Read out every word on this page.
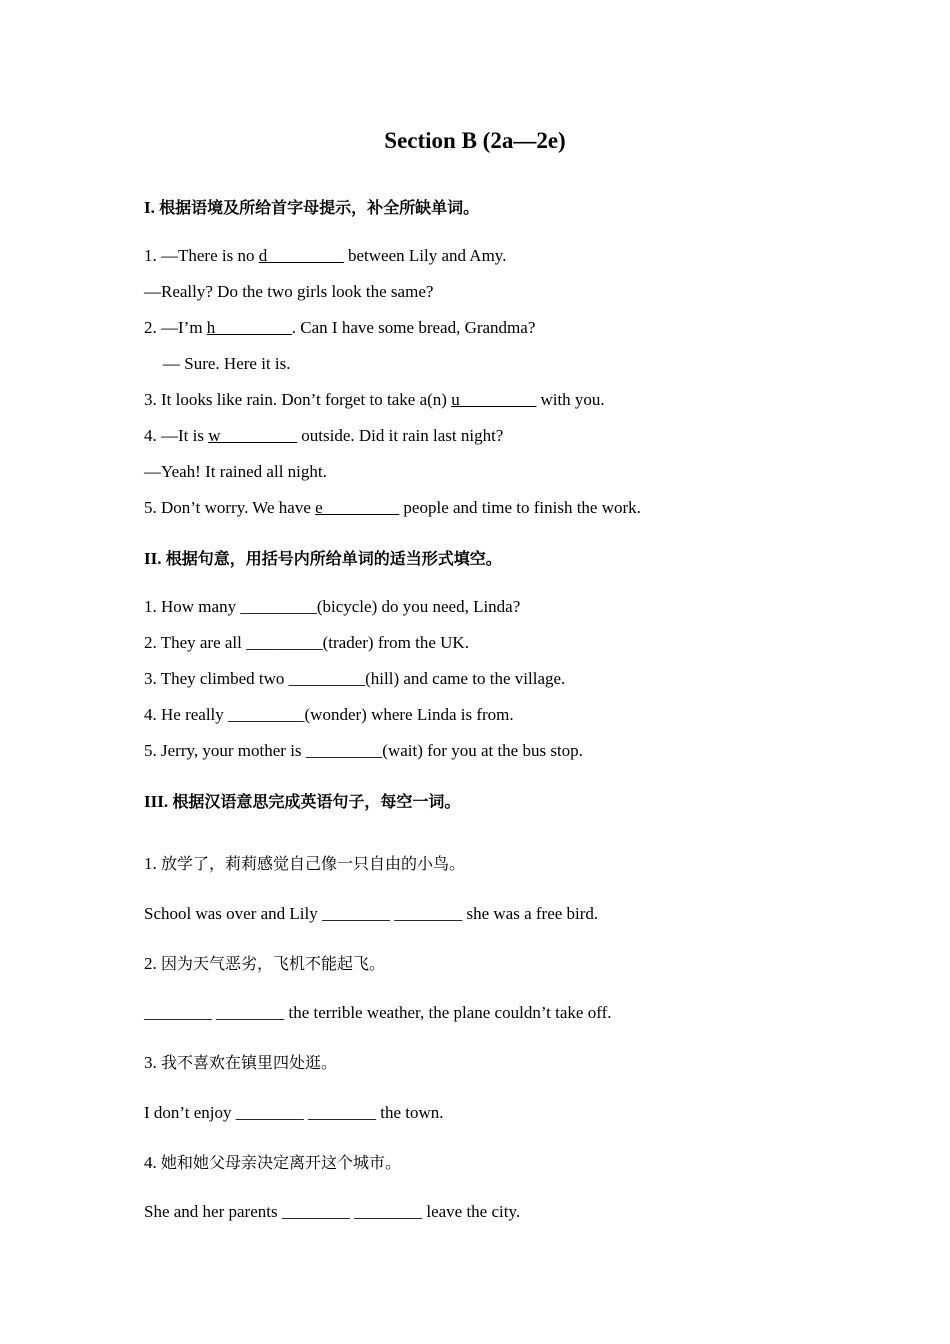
Section B (2a—2e)
I. 根据语境及所给首字母提示，补全所缺单词。
1. —There is no d_________ between Lily and Amy.
—Really? Do the two girls look the same?
2. —I’m h_________. Can I have some bread, Grandma?
— Sure. Here it is.
3. It looks like rain. Don’t forget to take a(n) u_________ with you.
4. —It is w_________ outside. Did it rain last night?
—Yeah! It rained all night.
5. Don’t worry. We have e_________ people and time to finish the work.
II. 根据句意，用括号内所给单词的适当形式填空。
1. How many _________(bicycle) do you need, Linda?
2. They are all _________(trader) from the UK.
3. They climbed two _________(hill) and came to the village.
4. He really _________(wonder) where Linda is from.
5. Jerry, your mother is _________(wait) for you at the bus stop.
III. 根据汉语意思完成英语句子，每空一词。
1. 放学了，莉莉感觉自己像一只自由的小鸟。
School was over and Lily ________ ________ she was a free bird.
2. 因为天气恶劣，飞机不能起飞。
________ ________ the terrible weather, the plane couldn’t take off.
3. 我不喜欢在镇里四处逛。
I don’t enjoy ________ ________ the town.
4. 她和她父母亲决定离开这个城市。
She and her parents ________ ________ leave the city.
